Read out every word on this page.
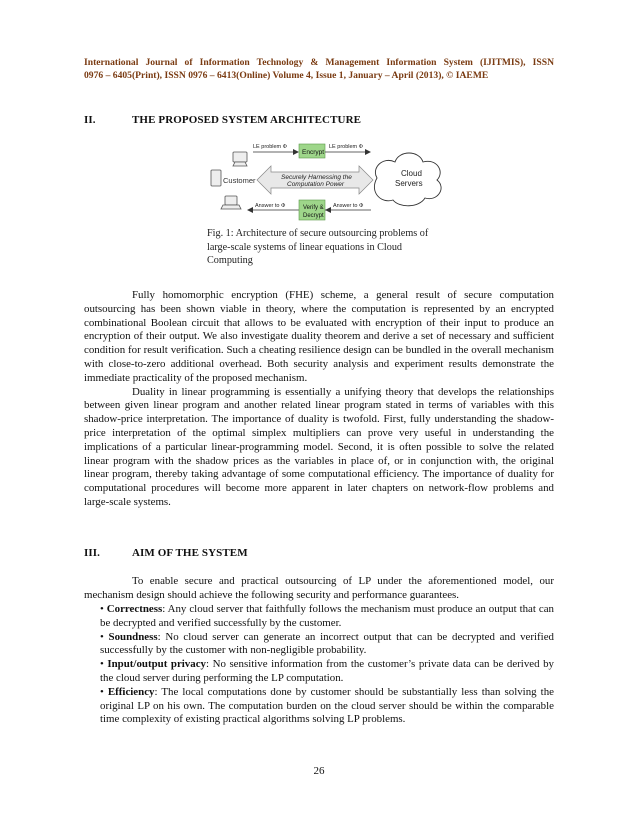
International Journal of Information Technology & Management Information System (IJITMIS), ISSN
0976 – 6405(Print), ISSN 0976 – 6413(Online) Volume 4, Issue 1, January – April (2013), © IAEME
II.	THE PROPOSED SYSTEM ARCHITECTURE
Customer
LE problem Φ
Encrypt
LE problem Φ
Securely Harnessing the
Computation Power
Cloud
Servers
Answer to Φ	Verify &
Decrypt
Answer to Φ
Fig. 1: Architecture of secure outsourcing problems of large-scale systems of linear equations in Cloud Computing

Fully homomorphic encryption (FHE) scheme, a general result of secure computation outsourcing has been shown viable in theory, where the computation is represented by an encrypted combinational Boolean circuit that allows to be evaluated with encryption of their input to produce an encryption of their output. We also investigate duality theorem and derive a set of necessary and sufficient condition for result verification. Such a cheating resilience design can be bundled in the overall mechanism with close-to-zero additional overhead. Both security analysis and experiment results demonstrate the immediate practicality of the proposed mechanism.

Duality in linear programming is essentially a unifying theory that develops the relationships between given linear program and another related linear program stated in terms of variables with this shadow-price interpretation. The importance of duality is twofold. First, fully understanding the shadow-price interpretation of the optimal simplex multipliers can prove very useful in understanding the implications of a particular linear-programming model. Second, it is often possible to solve the related linear program with the shadow prices as the variables in place of, or in conjunction with, the original linear program, thereby taking advantage of some computational efficiency. The importance of duality for computational procedures will become more apparent in later chapters on network-flow problems and large-scale systems.

III.	AIM OF THE SYSTEM

To enable secure and practical outsourcing of LP under the aforementioned model, our mechanism design should achieve the following security and performance guarantees.

• Correctness: Any cloud server that faithfully follows the mechanism must produce an output that can be decrypted and verified successfully by the customer.

• Soundness: No cloud server can generate an incorrect output that can be decrypted and verified successfully by the customer with non-negligible probability.

• Input/output privacy: No sensitive information from the customer’s private data can be derived by the cloud server during performing the LP computation.

• Efficiency: The local computations done by customer should be substantially less than solving the original LP on his own. The computation burden on the cloud server should be within the comparable time complexity of existing practical algorithms solving LP problems.

26
